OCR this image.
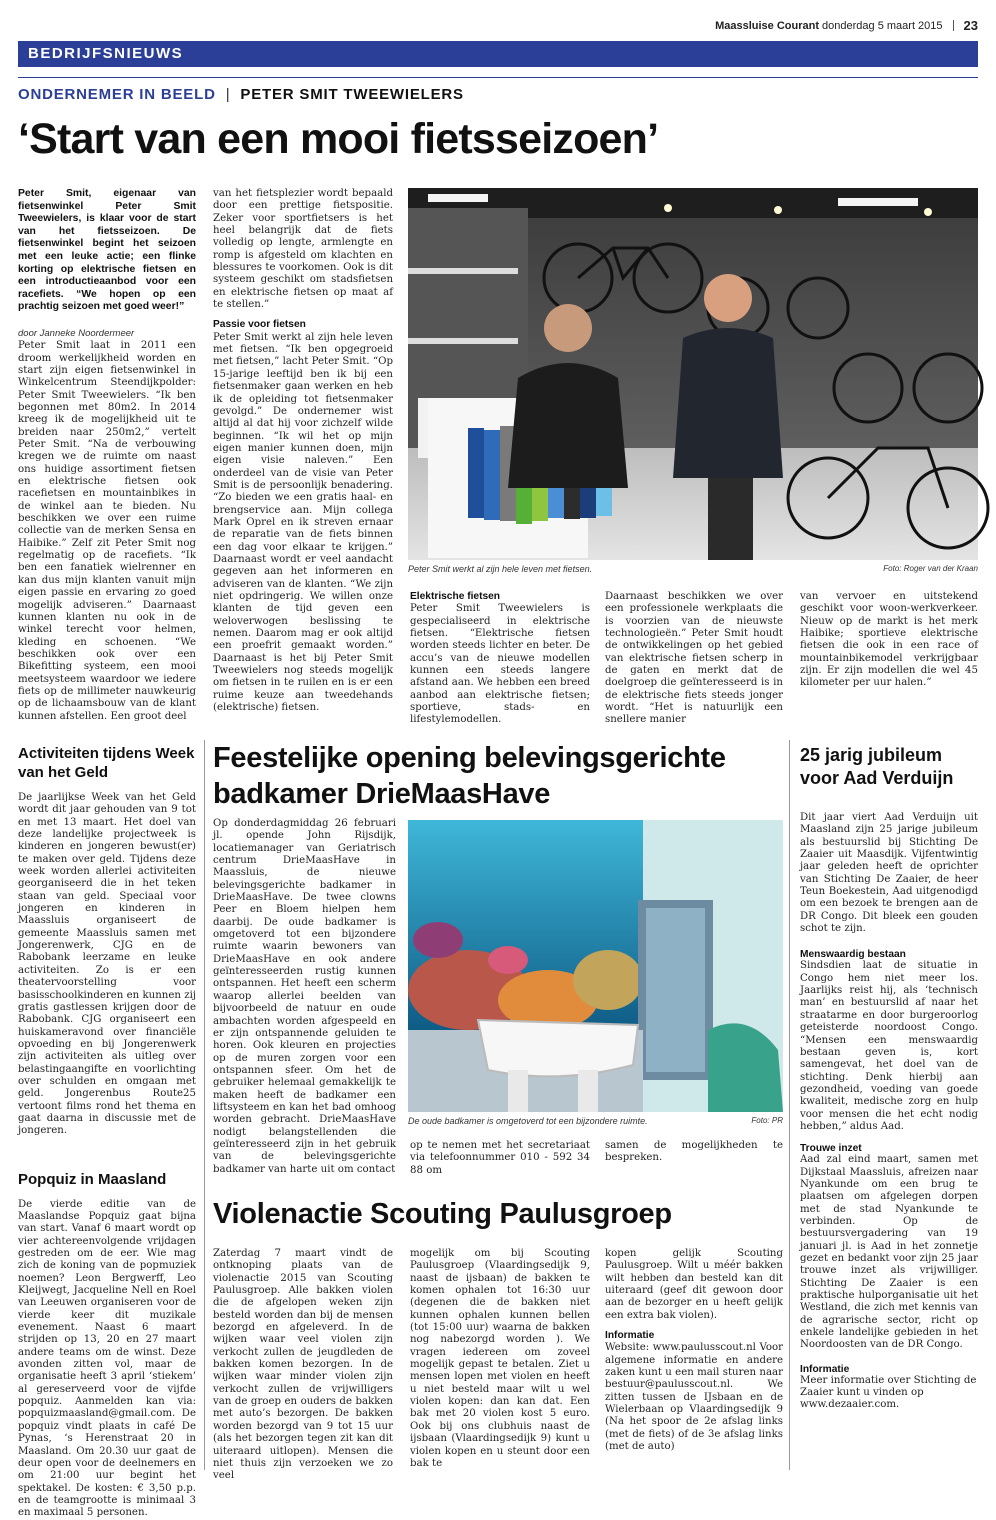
Maassluise Courant donderdag 5 maart 2015 23
BEDRIJFSNIEUWS
ONDERNEMER IN BEELD | PETER SMIT TWEEWIELERS
‘Start van een mooi fietsseizoen’

Peter Smit, eigenaar van fietsenwinkel Peter Smit Tweewielers, is klaar voor de start van het fietsseizoen. De fietsenwinkel begint het seizoen met een leuke actie; een flinke korting op elektrische fietsen en een introductieaanbod voor een racefiets. “We hopen op een prachtig seizoen met goed weer!”

door Janneke Noordermeer

Peter Smit laat in 2011 een droom werkelijkheid worden en start zijn eigen fietsenwinkel in Winkelcentrum Steendijkpolder: Peter Smit Tweewielers. “Ik ben begonnen met 80m2. In 2014 kreeg ik de mogelijkheid uit te breiden naar 250m2,” vertelt Peter Smit. “Na de verbouwing kregen we de ruimte om naast ons huidige assortiment fietsen en elektrische fietsen ook racefietsen en mountainbikes in de winkel aan te bieden. Nu beschikken we over een ruime collectie van de merken Sensa en Haibike.” Zelf zit Peter Smit nog regelmatig op de racefiets. “Ik ben een fanatiek wielrenner en kan dus mijn klanten vanuit mijn eigen passie en ervaring zo goed mogelijk adviseren.” Daarnaast kunnen klanten nu ook in de winkel terecht voor helmen, kleding en schoenen. “We beschikken ook over een Bikefitting systeem, een mooi meetsysteem waardoor we iedere fiets op de millimeter nauwkeurig op de lichaamsbouw van de klant kunnen afstellen. Een groot deel

van het fietsplezier wordt bepaald door een prettige fietspositie. Zeker voor sportfietsers is het heel belangrijk dat de fiets volledig op lengte, armlengte en romp is afgesteld om klachten en blessures te voorkomen. Ook is dit systeem geschikt om stadsfietsen en elektrische fietsen op maat af te stellen.”

Passie voor fietsen

Peter Smit werkt al zijn hele leven met fietsen. “Ik ben opgegroeid met fietsen,” lacht Peter Smit. “Op 15-jarige leeftijd ben ik bij een fietsenmaker gaan werken en heb ik de opleiding tot fietsenmaker gevolgd.” De ondernemer wist altijd al dat hij voor zichzelf wilde beginnen. “Ik wil het op mijn eigen manier kunnen doen, mijn eigen visie naleven.” Een onderdeel van de visie van Peter Smit is de persoonlijk benadering. “Zo bieden we een gratis haal- en brengservice aan. Mijn collega Mark Oprel en ik streven ernaar de reparatie van de fiets binnen een dag voor elkaar te krijgen.” Daarnaast wordt er veel aandacht gegeven aan het informeren en adviseren van de klanten. “We zijn niet opdringerig. We willen onze klanten de tijd geven een weloverwogen beslissing te nemen. Daarom mag er ook altijd een proefrit gemaakt worden.” Daarnaast is het bij Peter Smit Tweewielers nog steeds mogelijk om fietsen in te ruilen en is er een ruime keuze aan tweedehands (elektrische) fietsen.

Peter Smit werkt al zijn hele leven met fietsen.	Foto: Roger van der Kraan

Elektrische fietsen

Peter Smit Tweewielers is gespecialiseerd in elektrische fietsen. “Elektrische fietsen worden steeds lichter en beter. De accu’s van de nieuwe modellen kunnen een steeds langere afstand aan. We hebben een breed aanbod aan elektrische fietsen; sportieve, stads- en lifestylemodellen.

Daarnaast beschikken we over een professionele werkplaats die is voorzien van de nieuwste technologieën.” Peter Smit houdt de ontwikkelingen op het gebied van elektrische fietsen scherp in de gaten en merkt dat de doelgroep die geïnteresseerd is in de elektrische fiets steeds jonger wordt. “Het is natuurlijk een snellere manier

van vervoer en uitstekend geschikt voor woon-werkverkeer. Nieuw op de markt is het merk Haibike; sportieve elektrische fietsen die ook in een race of mountainbikemodel verkrijgbaar zijn. Er zijn modellen die wel 45 kilometer per uur halen.”

Activiteiten tijdens Week van het Geld

De jaarlijkse Week van het Geld wordt dit jaar gehouden van 9 tot en met 13 maart. Het doel van deze landelijke projectweek is kinderen en jongeren bewust(er) te maken over geld. Tijdens deze week worden allerlei activiteiten georganiseerd die in het teken staan van geld. Speciaal voor jongeren en kinderen in Maassluis organiseert de gemeente Maassluis samen met Jongerenwerk, CJG en de Rabobank leerzame en leuke activiteiten. Zo is er een theatervoorstelling voor basisschoolkinderen en kunnen zij gratis gastlessen krijgen door de Rabobank. CJG organiseert een huiskameravond over financiële opvoeding en bij Jongerenwerk zijn activiteiten als uitleg over belastingaangifte en voorlichting over schulden en omgaan met geld. Jongerenbus Route25 vertoont films rond het thema en gaat daarna in discussie met de jongeren.

Popquiz in Maasland

De vierde editie van de Maaslandse Popquiz gaat bijna van start. Vanaf 6 maart wordt op vier achtereenvolgende vrijdagen gestreden om de eer. Wie mag zich de koning van de popmuziek noemen? Leon Bergwerff, Leo Kleijwegt, Jacqueline Nell en Roel van Leeuwen organiseren voor de vierde keer dit muzikale evenement. Naast 6 maart strijden op 13, 20 en 27 maart andere teams om de winst. Deze avonden zitten vol, maar de organisatie heeft 3 april ‘stiekem’ al gereserveerd voor de vijfde popquiz. Aanmelden kan via: popquizmaasland@gmail.com. De popquiz vindt plaats in café De Pynas, ‘s Herenstraat 20 in Maasland. Om 20.30 uur gaat de deur open voor de deelnemers en om 21:00 uur begint het spektakel. De kosten: € 3,50 p.p. en de teamgrootte is minimaal 3 en maximaal 5 personen.

Feestelijke opening belevingsgerichte badkamer DrieMaasHave

Op donderdagmiddag 26 februari jl. opende John Rijsdijk, locatiemanager van Geriatrisch centrum DrieMaasHave in Maassluis, de nieuwe belevingsgerichte badkamer in DrieMaasHave. De twee clowns Peer en Bloem hielpen hem daarbij. De oude badkamer is omgetoverd tot een bijzondere ruimte waarin bewoners van DrieMaasHave en ook andere geïnteresseerden rustig kunnen ontspannen. Het heeft een scherm waarop allerlei beelden van bijvoorbeeld de natuur en oude ambachten worden afgespeeld en er zijn ontspannende geluiden te horen. Ook kleuren en projecties op de muren zorgen voor een ontspannen sfeer. Om het de gebruiker helemaal gemakkelijk te maken heeft de badkamer een liftsysteem en kan het bad omhoog worden gebracht. DrieMaasHave nodigt belangstellenden die geïnteresseerd zijn in het gebruik van de belevingsgerichte badkamer van harte uit om contact

De oude badkamer is omgetoverd tot een bijzondere ruimte.	Foto: PR

op te nemen met het secretariaat via telefoonnummer 010 - 592 34 88 om

samen de mogelijkheden te bespreken.

Violenactie Scouting Paulusgroep

Zaterdag 7 maart vindt de ontknoping plaats van de violenactie 2015 van Scouting Paulusgroep. Alle bakken violen die de afgelopen weken zijn besteld worden dan bij de mensen bezorgd en afgeleverd. In de wijken waar veel violen zijn verkocht zullen de jeugdleden de bakken komen bezorgen. In de wijken waar minder violen zijn verkocht zullen de vrijwilligers van de groep en ouders de bakken met auto’s bezorgen. De bakken worden bezorgd van 9 tot 15 uur (als het bezorgen tegen zit kan dit uiteraard uitlopen). Mensen die niet thuis zijn verzoeken we zo veel

mogelijk om bij Scouting Paulusgroep (Vlaardingsedijk 9, naast de ijsbaan) de bakken te komen ophalen tot 16:30 uur (degenen die de bakken niet kunnen ophalen kunnen bellen (tot 15:00 uur) waarna de bakken nog nabezorgd worden ). We vragen iedereen om zoveel mogelijk gepast te betalen. Ziet u mensen lopen met violen en heeft u niet besteld maar wilt u wel violen kopen: dan kan dat. Een bak met 20 violen kost 5 euro. Ook bij ons clubhuis naast de ijsbaan (Vlaardingsedijk 9) kunt u violen kopen en u steunt door een bak te

kopen gelijk Scouting Paulusgroep. Wilt u méér bakken wilt hebben dan besteld kan dit uiteraard (geef dit gewoon door aan de bezorger en u heeft gelijk een extra bak violen).

Informatie

Website: www.paulusscout.nl Voor algemene informatie en andere zaken kunt u een mail sturen naar bestuur@paulusscout.nl. We zitten tussen de IJsbaan en de Wielerbaan op Vlaardingsedijk 9 (Na het spoor de 2e afslag links (met de fiets) of de 3e afslag links (met de auto)

25 jarig jubileum voor Aad Verduijn

Dit jaar viert Aad Verduijn uit Maasland zijn 25 jarige jubileum als bestuurslid bij Stichting De Zaaier uit Maasdijk. Vijfentwintig jaar geleden heeft de oprichter van Stichting De Zaaier, de heer Teun Boekestein, Aad uitgenodigd om een bezoek te brengen aan de DR Congo. Dit bleek een gouden schot te zijn.

Menswaardig bestaan

Sindsdien laat de situatie in Congo hem niet meer los. Jaarlijks reist hij, als ‘technisch man’ en bestuurslid af naar het straatarme en door burgeroorlog geteisterde noordoost Congo. “Mensen een menswaardig bestaan geven is, kort samengevat, het doel van de stichting. Denk hierbij aan gezondheid, voeding van goede kwaliteit, medische zorg en hulp voor mensen die het echt nodig hebben,” aldus Aad.

Trouwe inzet

Aad zal eind maart, samen met Dijkstaal Maassluis, afreizen naar Nyankunde om een brug te plaatsen om afgelegen dorpen met de stad Nyankunde te verbinden. Op de bestuursvergadering van 19 januari jl. is Aad in het zonnetje gezet en bedankt voor zijn 25 jaar trouwe inzet als vrijwilliger. Stichting De Zaaier is een praktische hulporganisatie uit het Westland, die zich met kennis van de agrarische sector, richt op enkele landelijke gebieden in het Noordoosten van de DR Congo.

Informatie

Meer informatie over Stichting de Zaaier kunt u vinden op www.dezaaier.com.
